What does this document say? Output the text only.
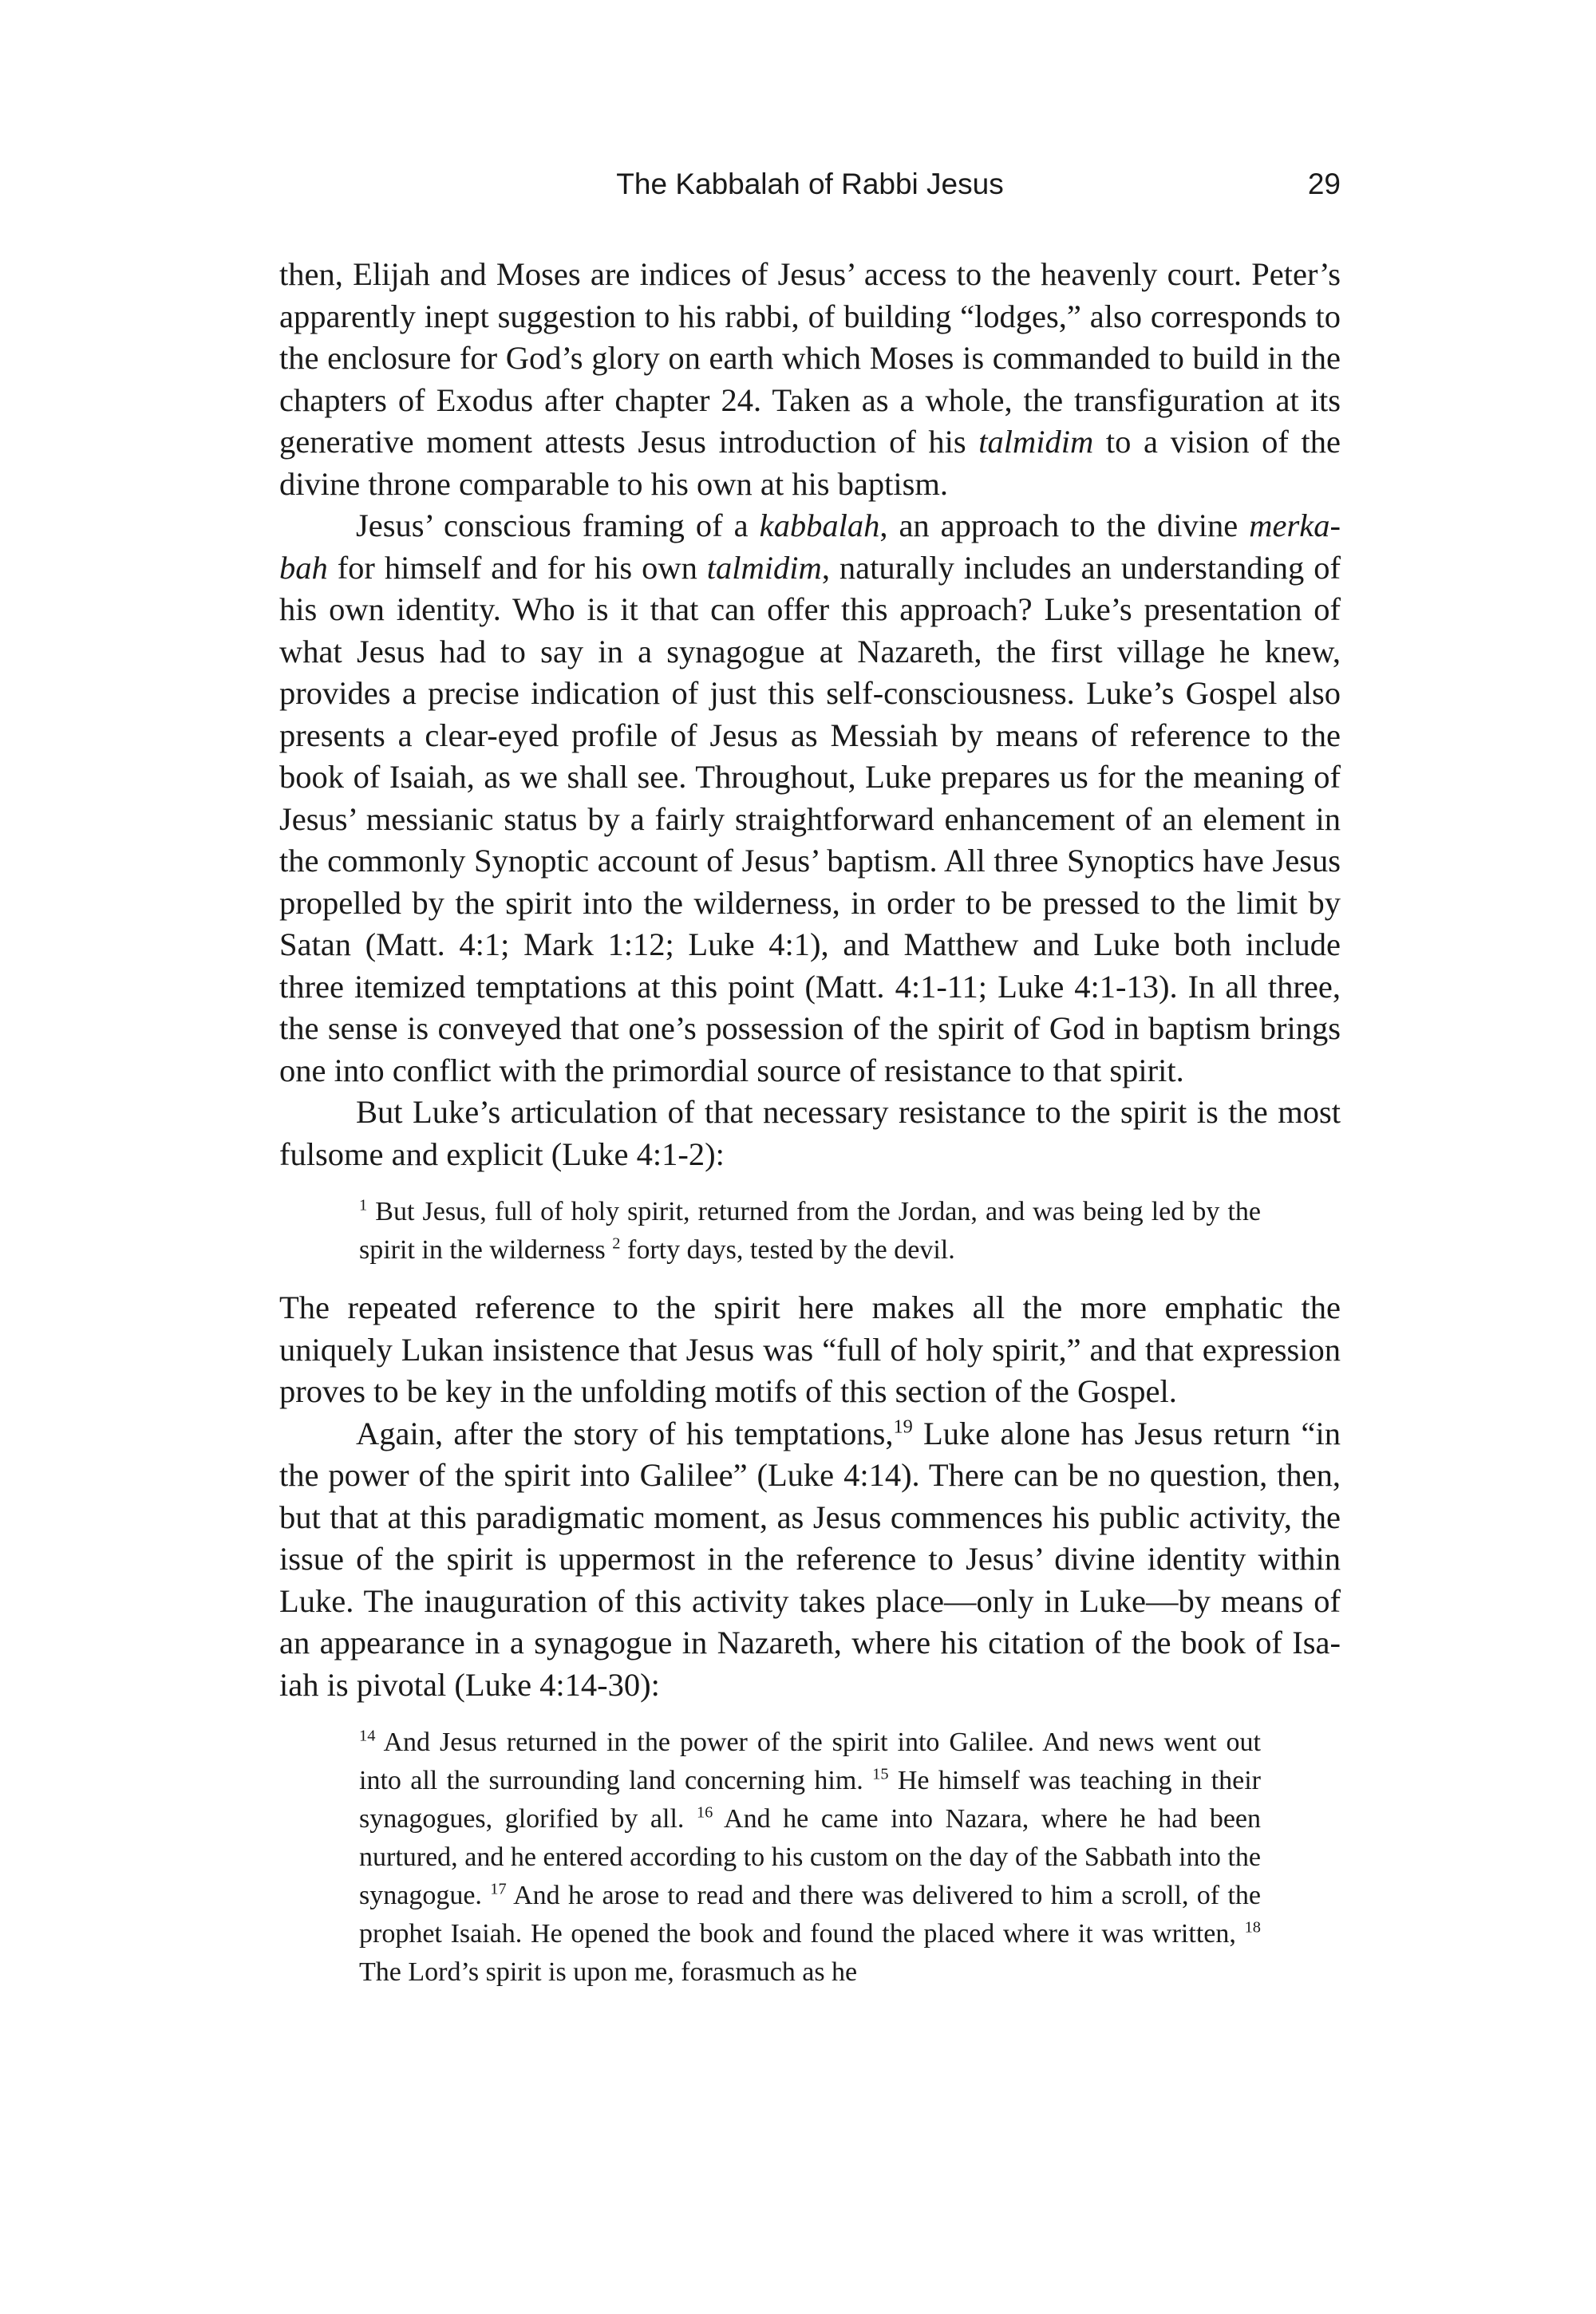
The Kabbalah of Rabbi Jesus	29

then, Elijah and Moses are indices of Jesus’ access to the heavenly court. Peter’s apparently inept suggestion to his rabbi, of building “lodges,” also corresponds to the enclosure for God’s glory on earth which Moses is commanded to build in the chapters of Exodus after chapter 24. Taken as a whole, the transfiguration at its generative moment attests Jesus introduction of his talmidim to a vision of the divine throne comparable to his own at his baptism.

Jesus’ conscious framing of a kabbalah, an approach to the divine merkabah for himself and for his own talmidim, naturally includes an understanding of his own identity. Who is it that can offer this approach? Luke’s presentation of what Jesus had to say in a synagogue at Nazareth, the first village he knew, provides a precise indication of just this self-consciousness. Luke’s Gospel also presents a clear-eyed profile of Jesus as Messiah by means of reference to the book of Isaiah, as we shall see. Throughout, Luke prepares us for the meaning of Jesus’ messianic status by a fairly straightforward enhancement of an element in the commonly Synoptic account of Jesus’ baptism. All three Synoptics have Jesus propelled by the spirit into the wilderness, in order to be pressed to the limit by Satan (Matt. 4:1; Mark 1:12; Luke 4:1), and Matthew and Luke both include three itemized temptations at this point (Matt. 4:1-11; Luke 4:1-13). In all three, the sense is conveyed that one’s possession of the spirit of God in baptism brings one into conflict with the primordial source of resistance to that spirit.

But Luke’s articulation of that necessary resistance to the spirit is the most fulsome and explicit (Luke 4:1-2):

$^1$ But Jesus, full of holy spirit, returned from the Jordan, and was being led by the spirit in the wilderness $^2$ forty days, tested by the devil.

The repeated reference to the spirit here makes all the more emphatic the uniquely Lukan insistence that Jesus was “full of holy spirit,” and that expression proves to be key in the unfolding motifs of this section of the Gospel.

Again, after the story of his temptations,$^{19}$ Luke alone has Jesus return “in the power of the spirit into Galilee” (Luke 4:14). There can be no question, then, but that at this paradigmatic moment, as Jesus commences his public activity, the issue of the spirit is uppermost in the reference to Jesus’ divine identity within Luke. The inauguration of this activity takes place—only in Luke—by means of an appearance in a synagogue in Nazareth, where his citation of the book of Isaiah is pivotal (Luke 4:14-30):

$^{14}$ And Jesus returned in the power of the spirit into Galilee. And news went out into all the surrounding land concerning him. $^{15}$ He himself was teaching in their synagogues, glorified by all. $^{16}$ And he came into Nazara, where he had been nurtured, and he entered according to his custom on the day of the Sabbath into the synagogue. $^{17}$ And he arose to read and there was delivered to him a scroll, of the prophet Isaiah. He opened the book and found the placed where it was written, $^{18}$ The Lord’s spirit is upon me, forasmuch as he
